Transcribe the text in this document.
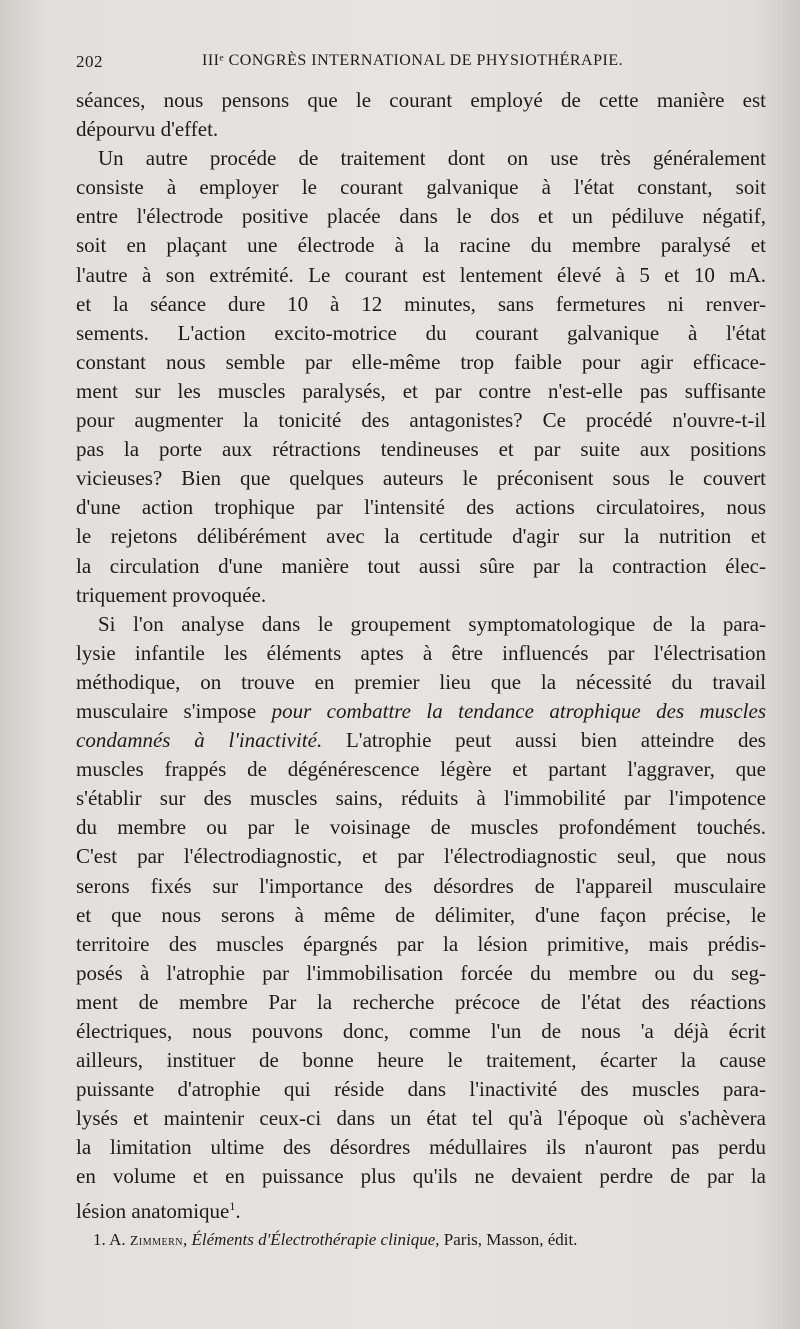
202	IIIᵉ CONGRÈS INTERNATIONAL DE PHYSIOTHÉRAPIE.
séances, nous pensons que le courant employé de cette manière est
dépourvu d'effet.
Un autre procéde de traitement dont on use très généralement
consiste à employer le courant galvanique à l'état constant, soit
entre l'électrode positive placée dans le dos et un pédiluve négatif,
soit en plaçant une électrode à la racine du membre paralysé et
l'autre à son extrémité. Le courant est lentement élevé à 5 et 10 mA.
et la séance dure 10 à 12 minutes, sans fermetures ni renver-
sements. L'action excito-motrice du courant galvanique à l'état
constant nous semble par elle-même trop faible pour agir efficace-
ment sur les muscles paralysés, et par contre n'est-elle pas suffisante
pour augmenter la tonicité des antagonistes? Ce procédé n'ouvre-t-il
pas la porte aux rétractions tendineuses et par suite aux positions
vicieuses? Bien que quelques auteurs le préconisent sous le couvert
d'une action trophique par l'intensité des actions circulatoires, nous
le rejetons délibérément avec la certitude d'agir sur la nutrition et
la circulation d'une manière tout aussi sûre par la contraction élec-
triquement provoquée.
Si l'on analyse dans le groupement symptomatologique de la para-
lysie infantile les éléments aptes à être influencés par l'électrisation
méthodique, on trouve en premier lieu que la nécessité du travail
musculaire s'impose pour combattre la tendance atrophique des muscles
condamnés à l'inactivité. L'atrophie peut aussi bien atteindre des
muscles frappés de dégénérescence légère et partant l'aggraver, que
s'établir sur des muscles sains, réduits à l'immobilité par l'impotence
du membre ou par le voisinage de muscles profondément touchés.
C'est par l'électrodiagnostic, et par l'électrodiagnostic seul, que nous
serons fixés sur l'importance des désordres de l'appareil musculaire
et que nous serons à même de délimiter, d'une façon précise, le
territoire des muscles épargnés par la lésion primitive, mais prédis-
posés à l'atrophie par l'immobilisation forcée du membre ou du seg-
ment de membre Par la recherche précoce de l'état des réactions
électriques, nous pouvons donc, comme l'un de nous 'a déjà écrit
ailleurs, instituer de bonne heure le traitement, écarter la cause
puissante d'atrophie qui réside dans l'inactivité des muscles para-
lysés et maintenir ceux-ci dans un état tel qu'à l'époque où s'achèvera
la limitation ultime des désordres médullaires ils n'auront pas perdu
en volume et en puissance plus qu'ils ne devaient perdre de par la
lésion anatomique$^1$.
1. A. Zimmern, Éléments d'Électrothérapie clinique, Paris, Masson, édit.
